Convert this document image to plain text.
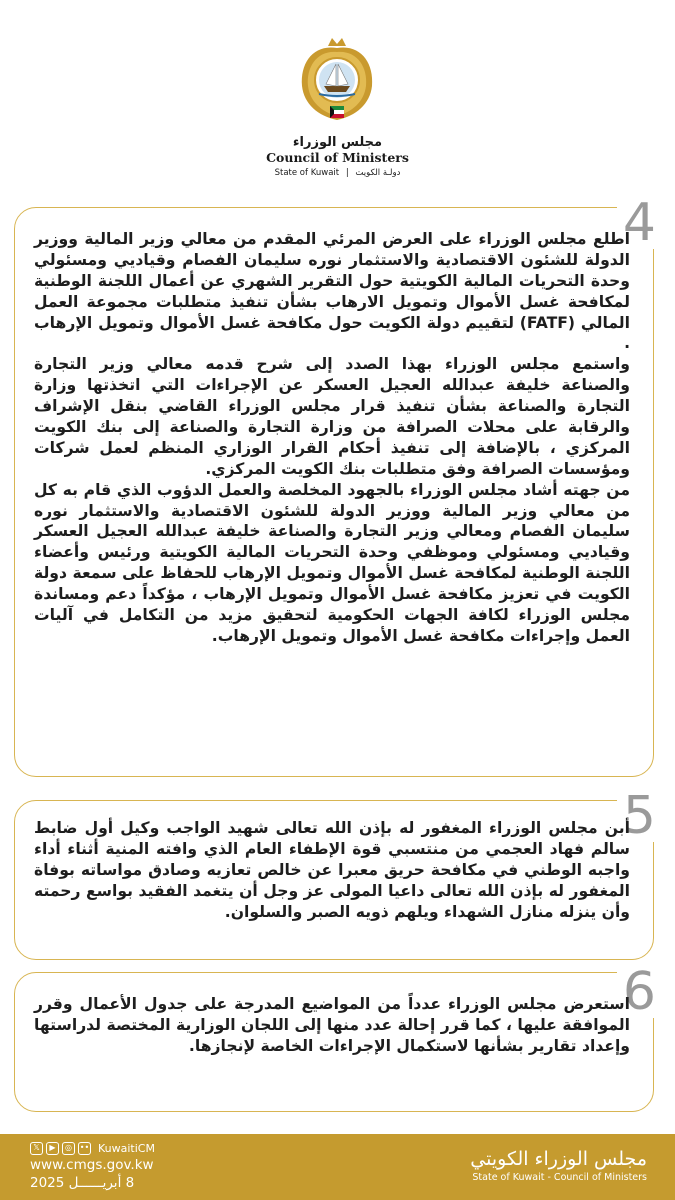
مجلس الوزراء
Council of Ministers
State of Kuwait | دولـة الكويت
4

اطلع مجلس الوزراء على العرض المرئي المقدم من معالي وزير المالية ووزير الدولة للشئون الاقتصادية والاستثمار نوره سليمان الفصام وقياديي ومسئولي وحدة التحريات المالية الكويتية حول التقرير الشهري عن أعمال اللجنة الوطنية لمكافحة غسل الأموال وتمويل الارهاب بشأن تنفيذ متطلبات مجموعة العمل المالي (FATF) لتقييم دولة الكويت حول مكافحة غسل الأموال وتمويل الإرهاب .

واستمع مجلس الوزراء بهذا الصدد إلى شرح قدمه معالي وزير التجارة والصناعة خليفة عبدالله العجيل العسكر عن الإجراءات التي اتخذتها وزارة التجارة والصناعة بشأن تنفيذ قرار مجلس الوزراء القاضي بنقل الإشراف والرقابة على محلات الصرافة من وزارة التجارة والصناعة إلى بنك الكويت المركزي ، بالإضافة إلى تنفيذ أحكام القرار الوزاري المنظم لعمل شركات ومؤسسات الصرافة وفق متطلبات بنك الكويت المركزي.

من جهته أشاد مجلس الوزراء بالجهود المخلصة والعمل الدؤوب الذي قام به كل من معالي وزير المالية ووزير الدولة للشئون الاقتصادية والاستثمار نوره سليمان الفصام ومعالي وزير التجارة والصناعة خليفة عبدالله العجيل العسكر وقياديي ومسئولي وموظفي وحدة التحريات المالية الكويتية ورئيس وأعضاء اللجنة الوطنية لمكافحة غسل الأموال وتمويل الإرهاب للحفاظ على سمعة دولة الكويت في تعزيز مكافحة غسل الأموال وتمويل الإرهاب ، مؤكداً دعم ومساندة مجلس الوزراء لكافة الجهات الحكومية لتحقيق مزيد من التكامل في آليات العمل وإجراءات مكافحة غسل الأموال وتمويل الإرهاب.

5

أبن مجلس الوزراء المغفور له بإذن الله تعالى شهيد الواجب وكيل أول ضابط سالم فهاد العجمي من منتسبي قوة الإطفاء العام الذي وافته المنية أثناء أداء واجبه الوطني في مكافحة حريق معبرا عن خالص تعازيه وصادق مواساته بوفاة المغفور له بإذن الله تعالى داعيا المولى عز وجل أن يتغمد الفقيد بواسع رحمته وأن ينزله منازل الشهداء ويلهم ذويه الصبر والسلوان.

6

استعرض مجلس الوزراء عدداً من المواضيع المدرجة على جدول الأعمال وقرر الموافقة عليها ، كما قرر إحالة عدد منها إلى اللجان الوزارية المختصة لدراستها وإعداد تقارير بشأنها لاستكمال الإجراءات الخاصة لإنجازها.

𝕏	▶	◎ •• KuwaitiCM
www.cmgs.gov.kw
8 أبريــــــل 2025
مجلس الوزراء الكويتي
State of Kuwait - Council of Ministers
